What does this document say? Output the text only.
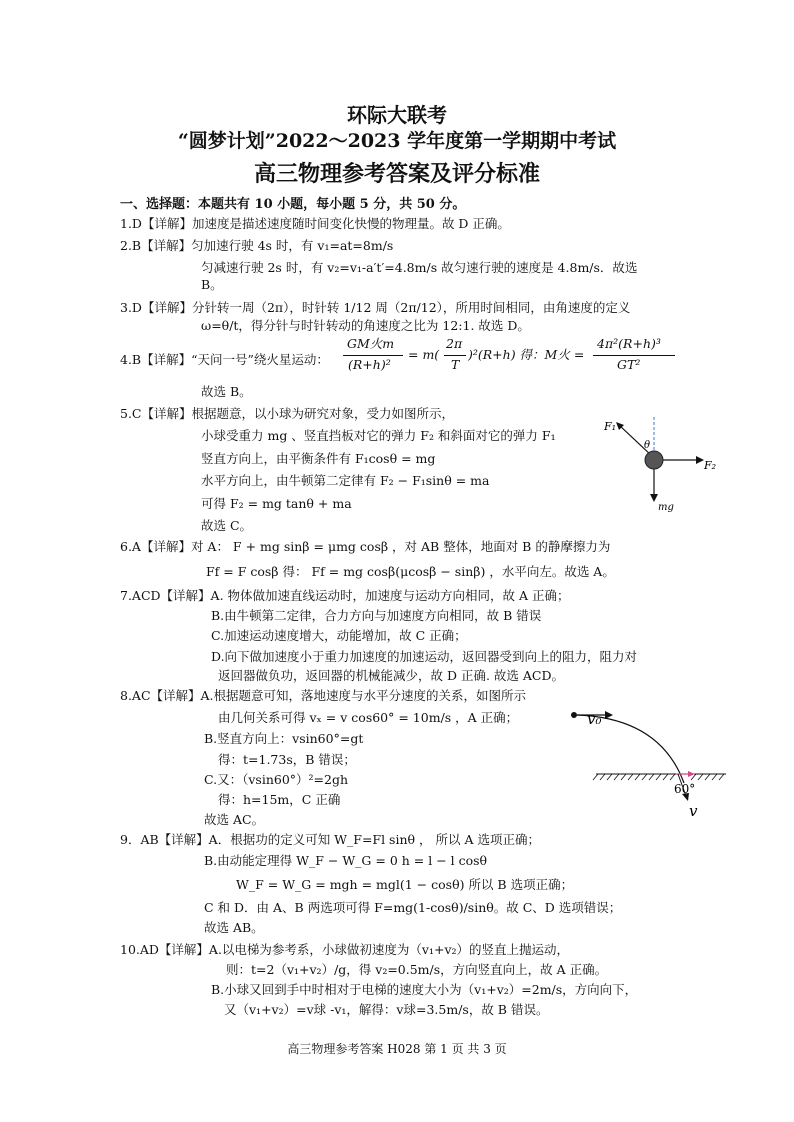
环际大联考
“圆梦计划”2022～2023 学年度第一学期期中考试
高三物理参考答案及评分标准
一、选择题：本题共有 10 小题，每小题 5 分，共 50 分。
1.D【详解】加速度是描述速度随时间变化快慢的物理量。故 D 正确。
2.B【详解】匀加速行驶 4s 时，有 v₁=at=8m/s
匀减速行驶 2s 时，有 v₂=v₁-a′t′=4.8m/s 故匀速行驶的速度是 4.8m/s．故选
B。
3.D【详解】分针转一周（2π），时针转 1/12 周（2π/12），所用时间相同，由角速度的定义
ω=θ/t，得分针与时针转动的角速度之比为 12:1. 故选 D。
4.B【详解】“天问一号”绕火星运动：
GM火m
(R+h)²
= m(
2π
T
)²(R+h) 得：M火 =
4π²(R+h)³
GT²
故选 B。
5.C【详解】根据题意，以小球为研究对象，受力如图所示，
小球受重力 mg 、竖直挡板对它的弹力 F₂ 和斜面对它的弹力 F₁
竖直方向上，由平衡条件有 F₁cosθ = mg
水平方向上，由牛顿第二定律有 F₂ − F₁sinθ = ma
可得 F₂ = mg tanθ + ma
故选 C。
F₁
F₂
θ
mg
6.A【详解】对 A： F + mg sinβ = μmg cosβ ，对 AB 整体，地面对 B 的静摩擦力为
Ff = F cosβ 得： Ff = mg cosβ(μcosβ − sinβ) ，水平向左。故选 A。
7.ACD【详解】A. 物体做加速直线运动时，加速度与运动方向相同，故 A 正确；
B.由牛顿第二定律，合力方向与加速度方向相同，故 B 错误
C.加速运动速度增大，动能增加，故 C 正确；
D.向下做加速度小于重力加速度的加速运动，返回器受到向上的阻力，阻力对
返回器做负功，返回器的机械能减少，故 D 正确. 故选 ACD。
8.AC【详解】A.根据题意可知，落地速度与水平分速度的关系，如图所示
由几何关系可得 vₓ = v cos60° = 10m/s ，A 正确；
B.竖直方向上：vsin60°=gt
得：t=1.73s，B 错误；
C.又：（vsin60°）²=2gh
得：h=15m，C 正确
故选 AC。
v₀
60°
v
9．AB【详解】A．根据功的定义可知 W_F=Fl sinθ ， 所以 A 选项正确；
B.由动能定理得 W_F − W_G = 0 h = l − l cosθ
W_F = W_G = mgh = mgl(1 − cosθ) 所以 B 选项正确；
C 和 D．由 A、B 两选项可得 F=mg(1-cosθ)/sinθ。故 C、D 选项错误；
故选 AB。
10.AD【详解】A.以电梯为参考系，小球做初速度为（v₁+v₂）的竖直上抛运动，
则：t=2（v₁+v₂）/g，得 v₂=0.5m/s，方向竖直向上，故 A 正确。
B.小球又回到手中时相对于电梯的速度大小为（v₁+v₂）=2m/s，方向向下，
又（v₁+v₂）=v球 -v₁，解得：v球=3.5m/s，故 B 错误。
高三物理参考答案 H028 第 1 页 共 3 页
